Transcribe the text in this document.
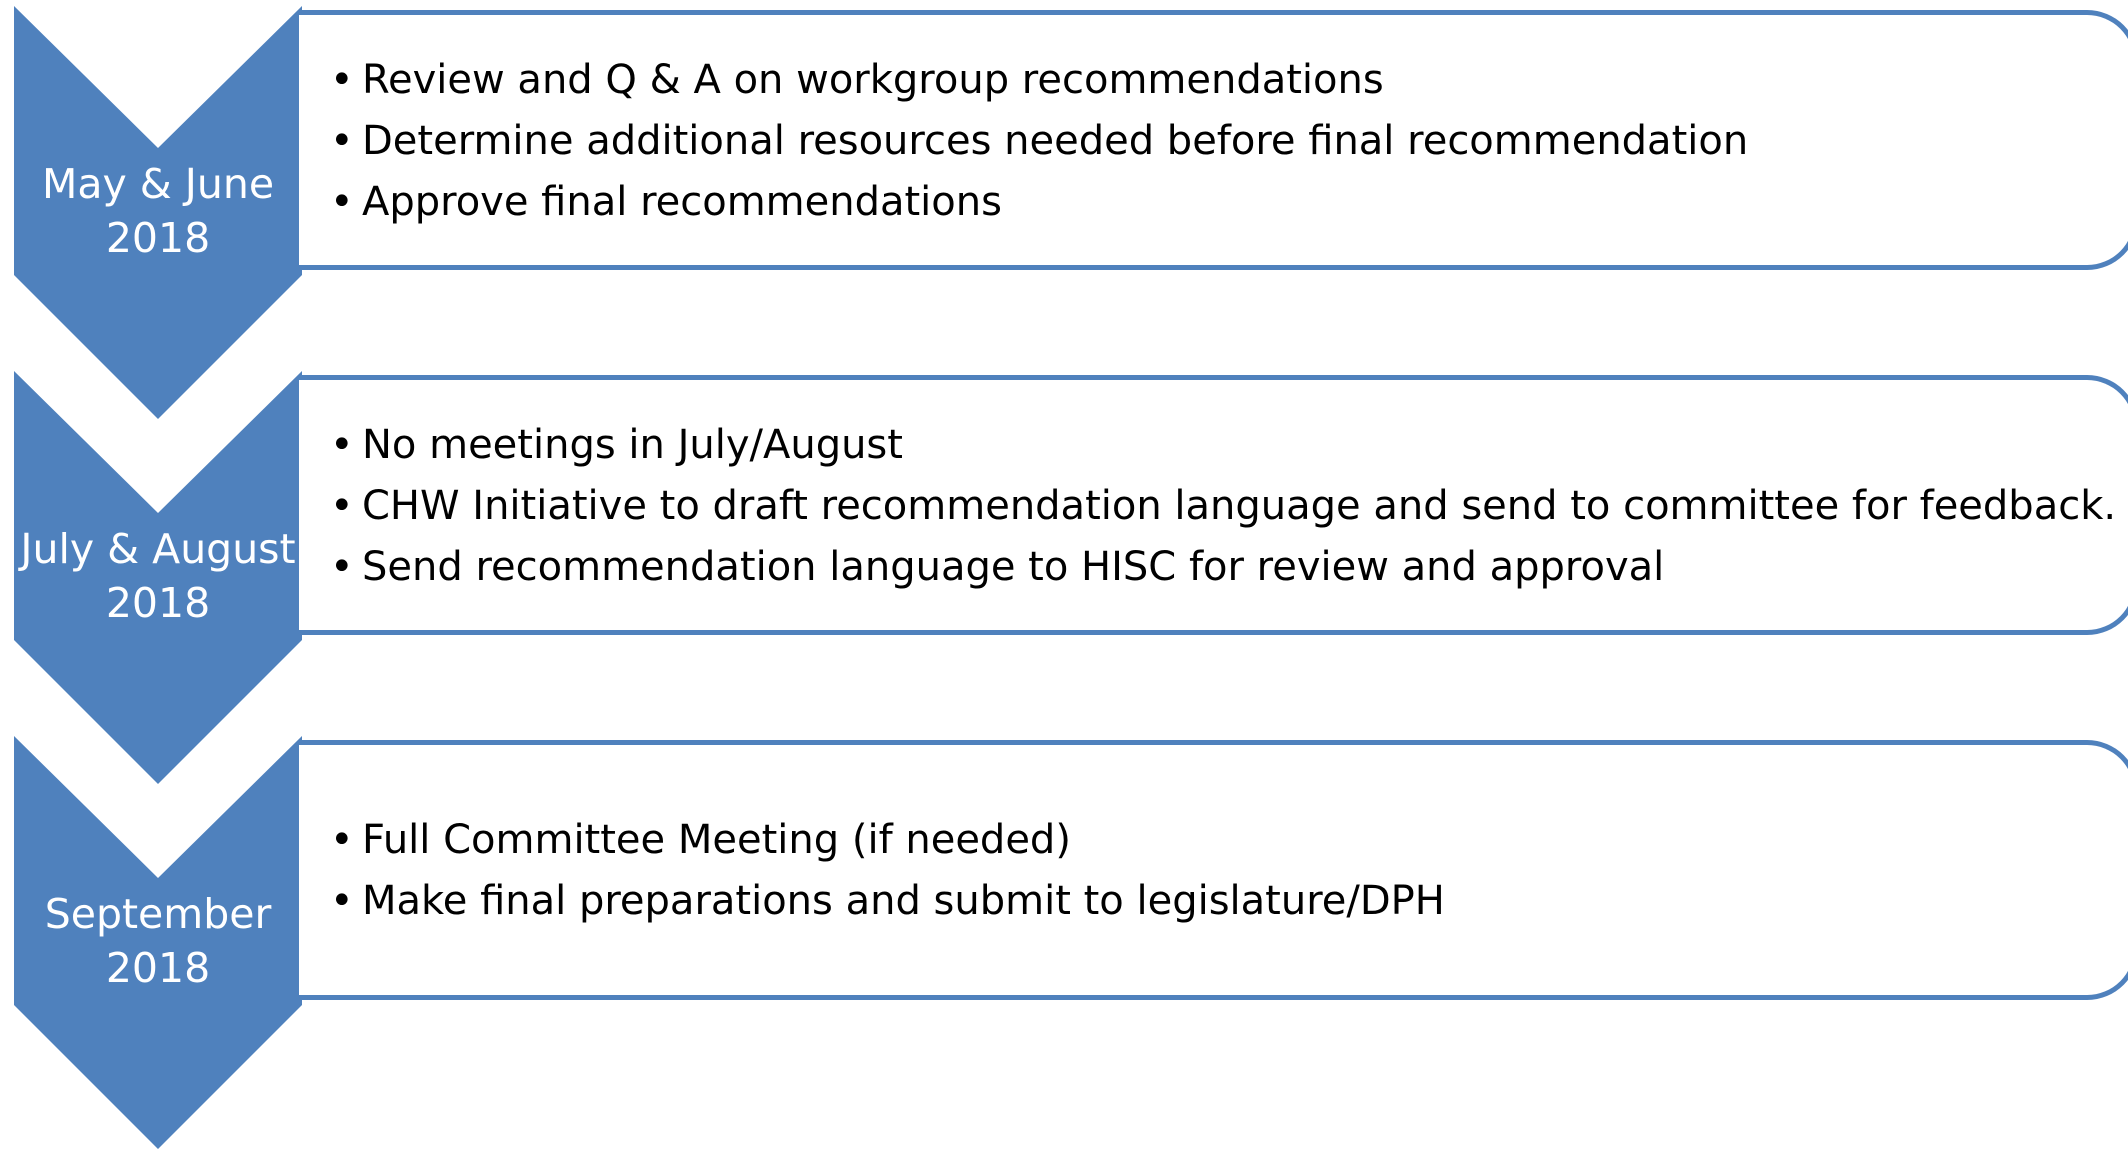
May & June
2018
• Review and Q & A on workgroup recommendations
• Determine additional resources needed before final recommendation
• Approve final recommendations
July & August
2018
• No meetings in July/August
• CHW Initiative to draft recommendation language and send to committee for feedback.
• Send recommendation language to HISC for review and approval
September
2018
• Full Committee Meeting (if needed)
• Make final preparations and submit to legislature/DPH
